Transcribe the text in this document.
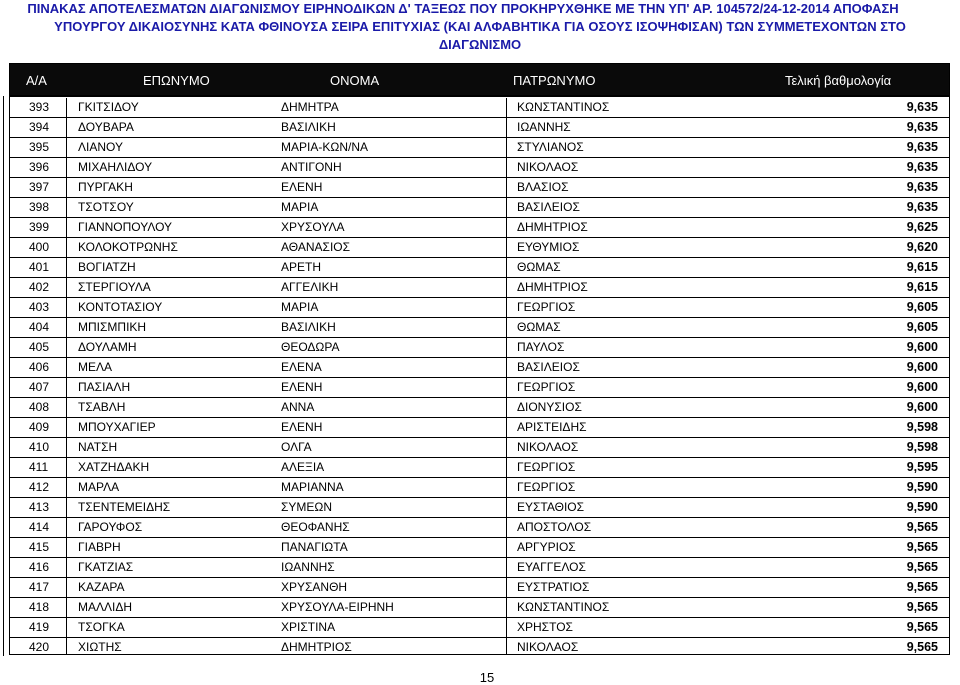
ΠΙΝΑΚΑΣ ΑΠΟΤΕΛΕΣΜΑΤΩΝ ΔΙΑΓΩΝΙΣΜΟΥ ΕΙΡΗΝΟΔΙΚΩΝ Δ' ΤΑΞΕΩΣ ΠΟΥ ΠΡΟΚΗΡΥΧΘΗΚΕ ΜΕ ΤΗΝ ΥΠ' ΑΡ. 104572/24-12-2014 ΑΠΟΦΑΣΗ
ΥΠΟΥΡΓΟΥ ΔΙΚΑΙΟΣΥΝΗΣ ΚΑΤΑ ΦΘΙΝΟΥΣΑ ΣΕΙΡΑ ΕΠΙΤΥΧΙΑΣ (ΚΑΙ ΑΛΦΑΒΗΤΙΚΑ ΓΙΑ ΟΣΟΥΣ ΙΣΟΨΗΦΙΣΑΝ) ΤΩΝ ΣΥΜΜΕΤΕΧΟΝΤΩΝ ΣΤΟ
ΔΙΑΓΩΝΙΣΜΟ
Α/Α	ΕΠΩΝΥΜΟ	ΟΝΟΜΑ	ΠΑΤΡΩΝΥΜΟ	Τελική βαθμολογία
393	ΓΚΙΤΣΙΔΟΥ	ΔΗΜΗΤΡΑ	ΚΩΝΣΤΑΝΤΙΝΟΣ	9,635
394	ΔΟΥΒΑΡΑ	ΒΑΣΙΛΙΚΗ	ΙΩΑΝΝΗΣ	9,635
395	ΛΙΑΝΟΥ	ΜΑΡΙΑ-ΚΩΝ/ΝΑ	ΣΤΥΛΙΑΝΟΣ	9,635
396	ΜΙΧΑΗΛΙΔΟΥ	ΑΝΤΙΓΟΝΗ	ΝΙΚΟΛΑΟΣ	9,635
397	ΠΥΡΓΑΚΗ	ΕΛΕΝΗ	ΒΛΑΣΙΟΣ	9,635
398	ΤΣΟΤΣΟΥ	ΜΑΡΙΑ	ΒΑΣΙΛΕΙΟΣ	9,635
399	ΓΙΑΝΝΟΠΟΥΛΟΥ	ΧΡΥΣΟΥΛΑ	ΔΗΜΗΤΡΙΟΣ	9,625
400	ΚΟΛΟΚΟΤΡΩΝΗΣ	ΑΘΑΝΑΣΙΟΣ	ΕΥΘΥΜΙΟΣ	9,620
401	ΒΟΓΙΑΤΖΗ	ΑΡΕΤΗ	ΘΩΜΑΣ	9,615
402	ΣΤΕΡΓΙΟΥΛΑ	ΑΓΓΕΛΙΚΗ	ΔΗΜΗΤΡΙΟΣ	9,615
403	ΚΟΝΤΟΤΑΣΙΟΥ	ΜΑΡΙΑ	ΓΕΩΡΓΙΟΣ	9,605
404	ΜΠΙΣΜΠΙΚΗ	ΒΑΣΙΛΙΚΗ	ΘΩΜΑΣ	9,605
405	ΔΟΥΛΑΜΗ	ΘΕΟΔΩΡΑ	ΠΑΥΛΟΣ	9,600
406	ΜΕΛΑ	ΕΛΕΝΑ	ΒΑΣΙΛΕΙΟΣ	9,600
407	ΠΑΣΙΑΛΗ	ΕΛΕΝΗ	ΓΕΩΡΓΙΟΣ	9,600
408	ΤΣΑΒΛΗ	ΑΝΝΑ	ΔΙΟΝΥΣΙΟΣ	9,600
409	ΜΠΟΥΧΑΓΙΕΡ	ΕΛΕΝΗ	ΑΡΙΣΤΕΙΔΗΣ	9,598
410	ΝΑΤΣΗ	ΟΛΓΑ	ΝΙΚΟΛΑΟΣ	9,598
411	ΧΑΤΖΗΔΑΚΗ	ΑΛΕΞΙΑ	ΓΕΩΡΓΙΟΣ	9,595
412	ΜΑΡΛΑ	ΜΑΡΙΑΝΝΑ	ΓΕΩΡΓΙΟΣ	9,590
413	ΤΣΕΝΤΕΜΕΙΔΗΣ	ΣΥΜΕΩΝ	ΕΥΣΤΑΘΙΟΣ	9,590
414	ΓΑΡΟΥΦΟΣ	ΘΕΟΦΑΝΗΣ	ΑΠΟΣΤΟΛΟΣ	9,565
415	ΓΙΑΒΡΗ	ΠΑΝΑΓΙΩΤΑ	ΑΡΓΥΡΙΟΣ	9,565
416	ΓΚΑΤΖΙΑΣ	ΙΩΑΝΝΗΣ	ΕΥΑΓΓΕΛΟΣ	9,565
417	ΚΑΖΑΡΑ	ΧΡΥΣΑΝΘΗ	ΕΥΣΤΡΑΤΙΟΣ	9,565
418	ΜΑΛΛΙΔΗ	ΧΡΥΣΟΥΛΑ-ΕΙΡΗΝΗ	ΚΩΝΣΤΑΝΤΙΝΟΣ	9,565
419	ΤΣΟΓΚΑ	ΧΡΙΣΤΙΝΑ	ΧΡΗΣΤΟΣ	9,565
420	ΧΙΩΤΗΣ	ΔΗΜΗΤΡΙΟΣ	ΝΙΚΟΛΑΟΣ	9,565
15
